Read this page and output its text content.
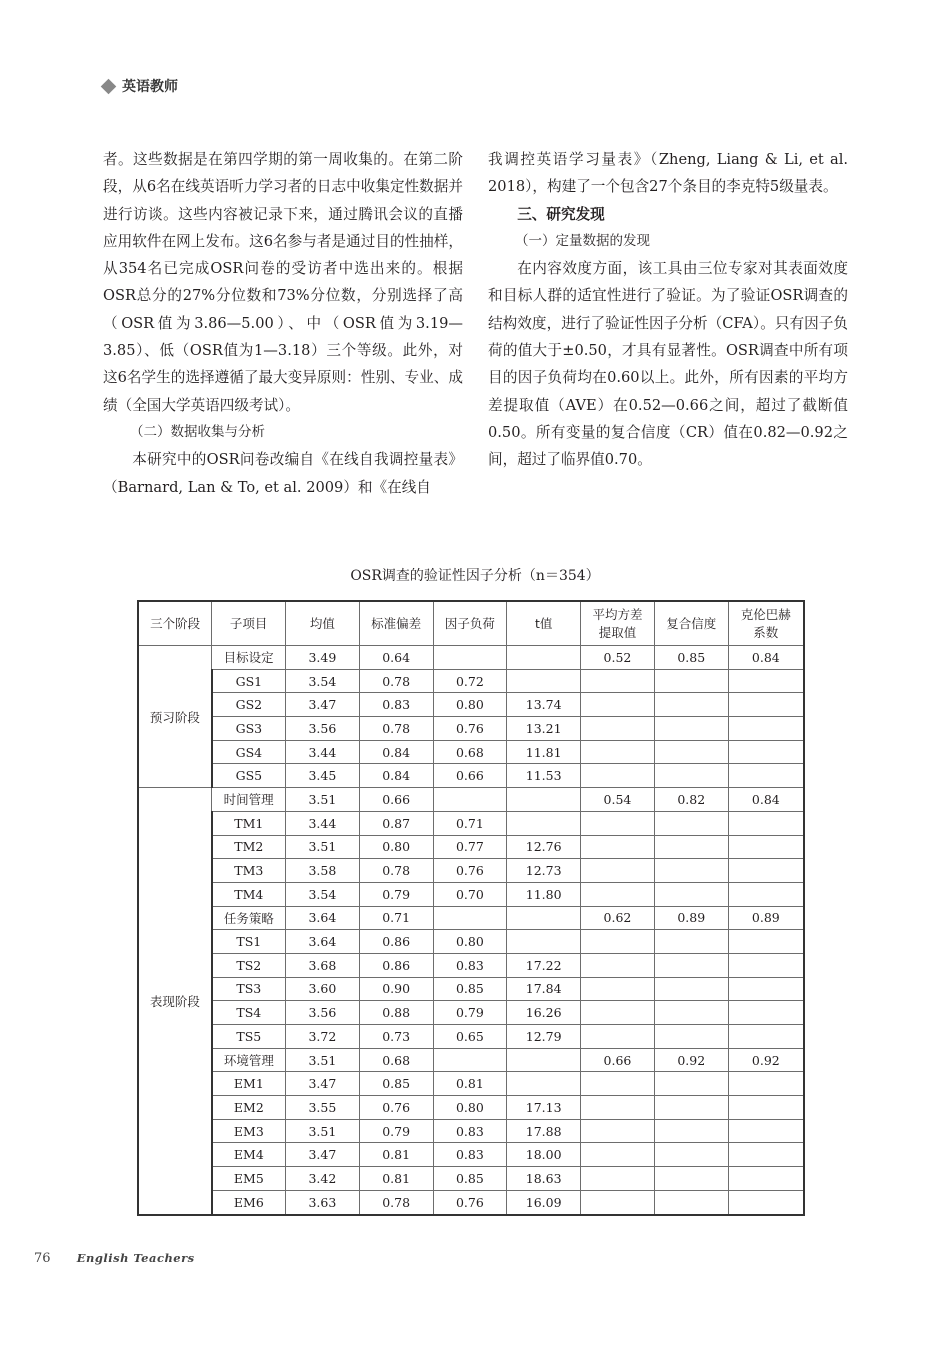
英语教师

者。这些数据是在第四学期的第一周收集的。在第二阶段，从6名在线英语听力学习者的日志中收集定性数据并进行访谈。这些内容被记录下来，通过腾讯会议的直播应用软件在网上发布。这6名参与者是通过目的性抽样，从354名已完成OSR问卷的受访者中选出来的。根据OSR总分的27%分位数和73%分位数，分别选择了高（OSR值为3.86—5.00）、中（OSR值为3.19—3.85）、低（OSR值为1—3.18）三个等级。此外，对这6名学生的选择遵循了最大变异原则：性别、专业、成绩（全国大学英语四级考试）。

（二）数据收集与分析

本研究中的OSR问卷改编自《在线自我调控量表》（Barnard, Lan & To, et al. 2009）和《在线自

我调控英语学习量表》（Zheng, Liang & Li, et al. 2018），构建了一个包含27个条目的李克特5级量表。

三、研究发现

（一）定量数据的发现

在内容效度方面，该工具由三位专家对其表面效度和目标人群的适宜性进行了验证。为了验证OSR调查的结构效度，进行了验证性因子分析（CFA）。只有因子负荷的值大于±0.50，才具有显著性。OSR调查中所有项目的因子负荷均在0.60以上。此外，所有因素的平均方差提取值（AVE）在0.52—0.66之间，超过了截断值0.50。所有变量的复合信度（CR）值在0.82—0.92之间，超过了临界值0.70。

OSR调查的验证性因子分析（n＝354）
三个阶段	子项目	均值	标准偏差	因子负荷	t值	平均方差提取值	复合信度	克伦巴赫系数
预习阶段	目标设定	3.49	0.64			0.52	0.85	0.84
	GS1	3.54	0.78	0.72				
	GS2	3.47	0.83	0.80	13.74			
	GS3	3.56	0.78	0.76	13.21			
	GS4	3.44	0.84	0.68	11.81			
	GS5	3.45	0.84	0.66	11.53			
表现阶段	时间管理	3.51	0.66			0.54	0.82	0.84
	TM1	3.44	0.87	0.71				
	TM2	3.51	0.80	0.77	12.76			
	TM3	3.58	0.78	0.76	12.73			
	TM4	3.54	0.79	0.70	11.80			
	任务策略	3.64	0.71			0.62	0.89	0.89
	TS1	3.64	0.86	0.80				
	TS2	3.68	0.86	0.83	17.22			
	TS3	3.60	0.90	0.85	17.84			
	TS4	3.56	0.88	0.79	16.26			
	TS5	3.72	0.73	0.65	12.79			
	环境管理	3.51	0.68			0.66	0.92	0.92
	EM1	3.47	0.85	0.81				
	EM2	3.55	0.76	0.80	17.13			
	EM3	3.51	0.79	0.83	17.88			
	EM4	3.47	0.81	0.83	18.00			
	EM5	3.42	0.81	0.85	18.63			
	EM6	3.63	0.78	0.76	16.09			
76 English Teachers
